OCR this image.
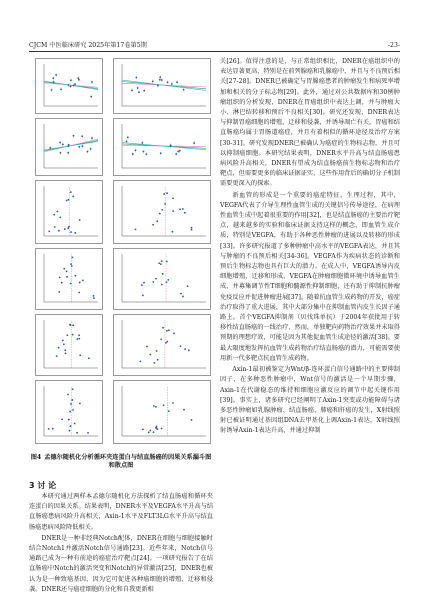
CJCM 中医临床研究 2025年第17卷第5期	-23-
图4 孟德尔随机化分析循环夹连蛋白与结直肠癌的因果关系漏斗图和散点图
3 讨 论

本研究通过两样本孟德尔随机化方法探析了结直肠癌和循环夹连蛋白的因果关系。结果表明，DNER水平及VEGFA水平升高与结直肠癌患病风险升高相关，Axin-1水平及FLT3LG水平升高与结直肠癌患病风险降低相关。

DNER是一种非经典Notch配体，DNER在细胞与细胞接触时结合Notch1并激活Notch信号通路[23]。近些年来，Notch信号通路已成为一种有前途的癌症治疗靶点[24]。一项研究报告了在结直肠癌中Notch的激活突变和Notch的异常激活[25]，DNER也被认为是一种致癌基因，因为它可促进各种癌细胞的增殖、迁移和侵袭。DNER还与癌症细胞的分化和自我更新相

关[26]。值得注意的是，与正常组织相比，DNER在癌组织中的表达显著更高，特别是在前列腺癌和乳腺癌中，并且与不良预后相关[27-28]。DNER已被确定与胃腺癌患者的肿瘤发生和病死率增加和相关的分子标志物[29]。此外，通过对公共数据库和30例肿瘤组织的分析发现，DNER在胃癌组织中表达上调，并与肿瘤大小、淋巴结转移和预后不良相关[30]。研究还发现，DNER表达与抑制胃癌细胞的增殖、迁移和侵袭，并诱导凋亡有关，胃癌和结直肠癌均属于胃肠道癌症，并且有着相似的循环途径及治疗方案[30-31]。研究发现DNER已被确认为癌症的生物标志物，并且可以抑制癌细胞。本研究结果表明，DNER水平升高与结直肠癌患病风险升高相关，DNER有望成为结直肠癌前生物标志物和治疗靶点，但需要更多的临床证据证实，这些作用背后的确切分子机制需要更深入的探索。

新血管的形成是一个重要的癌症特征。生理过程，其中，VEGFA代表了介导生理性血管生成的关键信号传导途径，在病理性血管生成中起着很重要的作用[32]，也是结直肠癌的主要治疗靶点，越来越多的实验和临床证据支持这样的概念，即血管生成介质，特别是VEGFA，有助于各种恶性肿瘤的进展以及转移的形成[33]。许多研究报道了多种肿瘤中高水平的VEGFA表达，并且其与肿瘤的不良预后相关[34-36]。VEGFA作为疾病状态的诊断和预后生物标志物也具有巨大的潜力。在成人中，VEGFA诱导内皮细胞增殖、迁移和形成，VEGFA在肿瘤细胞微环境中诱导血管生成，并募集调节性T细胞和髓源性抑制细胞，还有助于抑制抗肿瘤免疫反应并促进肿瘤进展[37]。随着抗血管生成药物的开发，癌症治疗取得了重大进展，其中大部分集中在抑制血管内皮生长因子通路上。首个VEGFA抑制剂（贝伐珠单抗）于2004年获批用于转移性结直肠癌的一线治疗，然而，单独靶向药物治疗效果并未取得预期的理想疗效，可能是因为其他促血管生成途径的激活[38]。要最大限度地发挥抗血管生成药物治疗结直肠癌的潜力，可能需要使用新一代多靶点抗血管生成药物。

Axin-1最初被鉴定为Wnt/β-连环蛋白信号通路中的主要抑制因子，在多种恶性肿瘤中，Wnt信号的激活是一个早期步骤，Axin-1在代谢稳态的维持和细胞应激反应的调节中起关键作用[39]。事实上，诸多研究已经阐明了Axin-1突变或功能障碍与诸多恶性肿瘤如乳腺肿瘤、结直肠癌、肺癌和肝癌的发生，X射线照射已被证明通过基因组DNA去甲基化上调Axin-1表达，X射线照射诱导Axin-1表达升高，并通过抑制
